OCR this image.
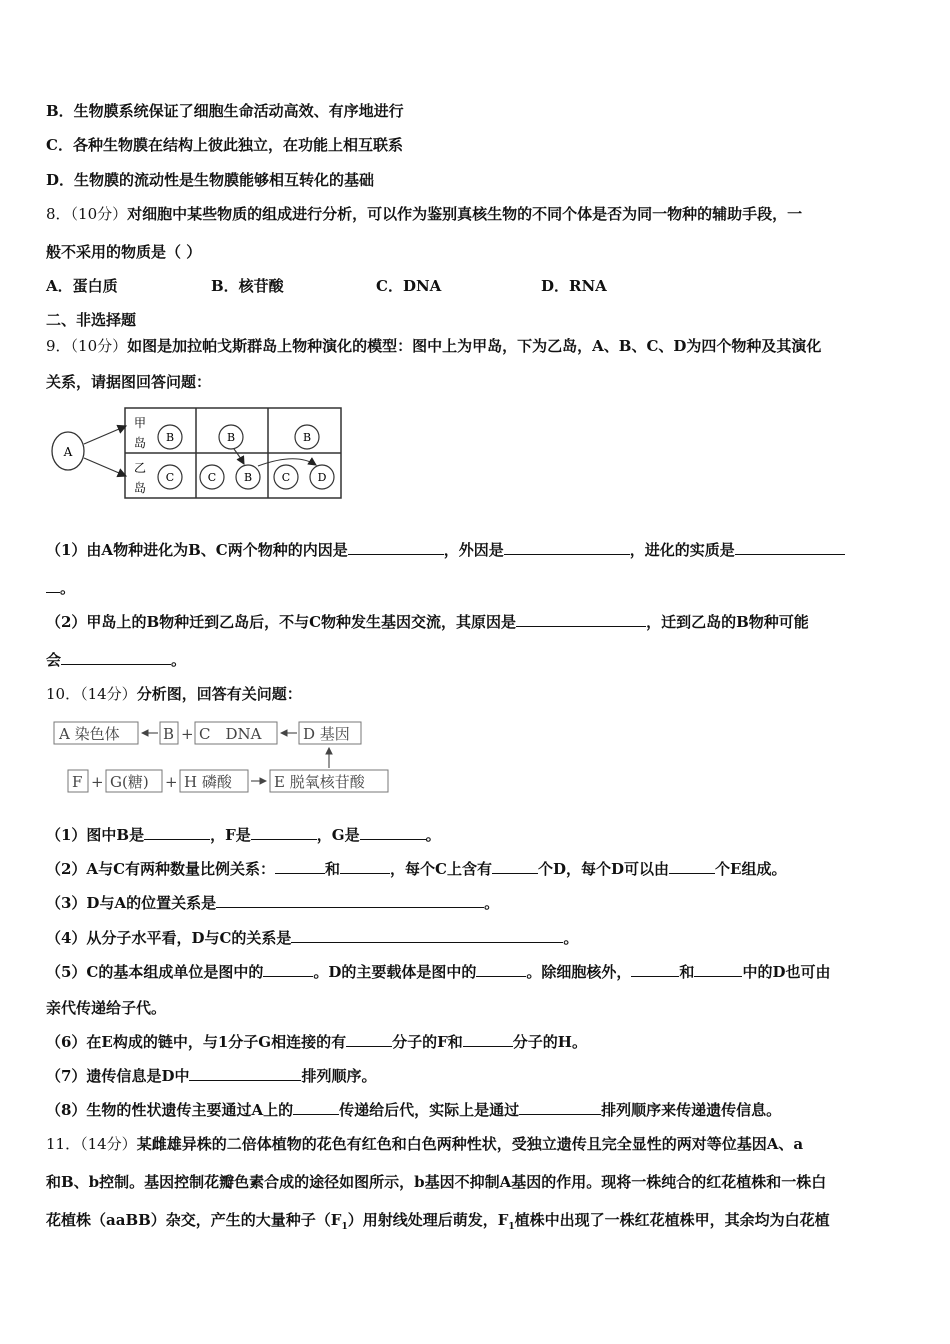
B．生物膜系统保证了细胞生命活动高效、有序地进行
C．各种生物膜在结构上彼此独立，在功能上相互联系
D．生物膜的流动性是生物膜能够相互转化的基础
8．（10分）对细胞中某些物质的组成进行分析，可以作为鉴别真核生物的不同个体是否为同一物种的辅助手段，一
般不采用的物质是（ ）
A．蛋白质	B．核苷酸	C．DNA	D．RNA
二、非选择题
9．（10分）如图是加拉帕戈斯群岛上物种演化的模型：图中上为甲岛，下为乙岛，A、B、C、D为四个物种及其演化
关系，请据图回答问题：
A
甲
岛
乙
岛
B	B	B
C	C	B	C D
（1）由A物种进化为B、C两个物种的内因是	，外因是	，进化的实质是
。
（2）甲岛上的B物种迁到乙岛后，不与C物种发生基因交流，其原因是	，迁到乙岛的B物种可能
会	。
10．（14分）分析图，回答有关问题：
A 染色体	B + C　DNA	D 基因
F + G(糖) + H 磷酸	E 脱氧核苷酸
（1）图中B是	，F是	，G是	。
（2）A与C有两种数量比例关系：	和	，每个C上含有	个D，每个D可以由	个E组成。
（3）D与A的位置关系是	。
（4）从分子水平看，D与C的关系是	。
（5）C的基本组成单位是图中的	。D的主要载体是图中的	。除细胞核外，	和	中的D也可由
亲代传递给子代。
（6）在E构成的链中，与1分子G相连接的有	分子的F和	分子的H。
（7）遗传信息是D中	排列顺序。
（8）生物的性状遗传主要通过A上的	传递给后代，实际上是通过	排列顺序来传递遗传信息。
11．（14分）某雌雄异株的二倍体植物的花色有红色和白色两种性状，受独立遗传且完全显性的两对等位基因A、a
和B、b控制。基因控制花瓣色素合成的途径如图所示，b基因不抑制A基因的作用。现将一株纯合的红花植株和一株白
花植株（aaBB）杂交，产生的大量种子$(F_1)$用射线处理后萌发，$F_1$植株中出现了一株红花植株甲，其余均为白花植
